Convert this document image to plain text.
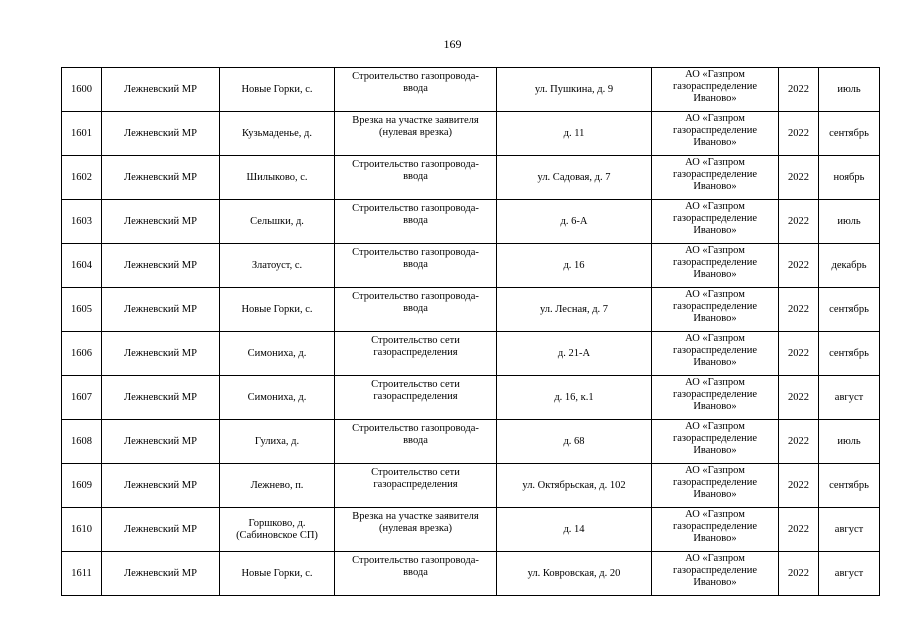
169
1600	Лежневский МР	Новые Горки, с.	Строительство газопровода-
ввода	ул. Пушкина, д. 9	АО «Газпром
газораспределение
Иваново»	2022	июль
1601	Лежневский МР	Кузьмаденье, д.	Врезка на участке заявителя
(нулевая врезка)	д. 11	АО «Газпром
газораспределение
Иваново»	2022	сентябрь
1602	Лежневский МР	Шилыково, с.	Строительство газопровода-
ввода	ул. Садовая, д. 7	АО «Газпром
газораспределение
Иваново»	2022	ноябрь
1603	Лежневский МР	Сельшки, д.	Строительство газопровода-
ввода	д. 6-А	АО «Газпром
газораспределение
Иваново»	2022	июль
1604	Лежневский МР	Златоуст, с.	Строительство газопровода-
ввода	д. 16	АО «Газпром
газораспределение
Иваново»	2022	декабрь
1605	Лежневский МР	Новые Горки, с.	Строительство газопровода-
ввода	ул. Лесная, д. 7	АО «Газпром
газораспределение
Иваново»	2022	сентябрь
1606	Лежневский МР	Симониха, д.	Строительство сети
газораспределения	д. 21-А	АО «Газпром
газораспределение
Иваново»	2022	сентябрь
1607	Лежневский МР	Симониха, д.	Строительство сети
газораспределения	д. 16, к.1	АО «Газпром
газораспределение
Иваново»	2022	август
1608	Лежневский МР	Гулиха, д.	Строительство газопровода-
ввода	д. 68	АО «Газпром
газораспределение
Иваново»	2022	июль
1609	Лежневский МР	Лежнево, п.	Строительство сети
газораспределения	ул. Октябрьская, д. 102	АО «Газпром
газораспределение
Иваново»	2022	сентябрь
1610	Лежневский МР	Горшково, д.
(Сабиновское СП)	Врезка на участке заявителя
(нулевая врезка)	д. 14	АО «Газпром
газораспределение
Иваново»	2022	август
1611	Лежневский МР	Новые Горки, с.	Строительство газопровода-
ввода	ул. Ковровская, д. 20	АО «Газпром
газораспределение
Иваново»	2022	август
